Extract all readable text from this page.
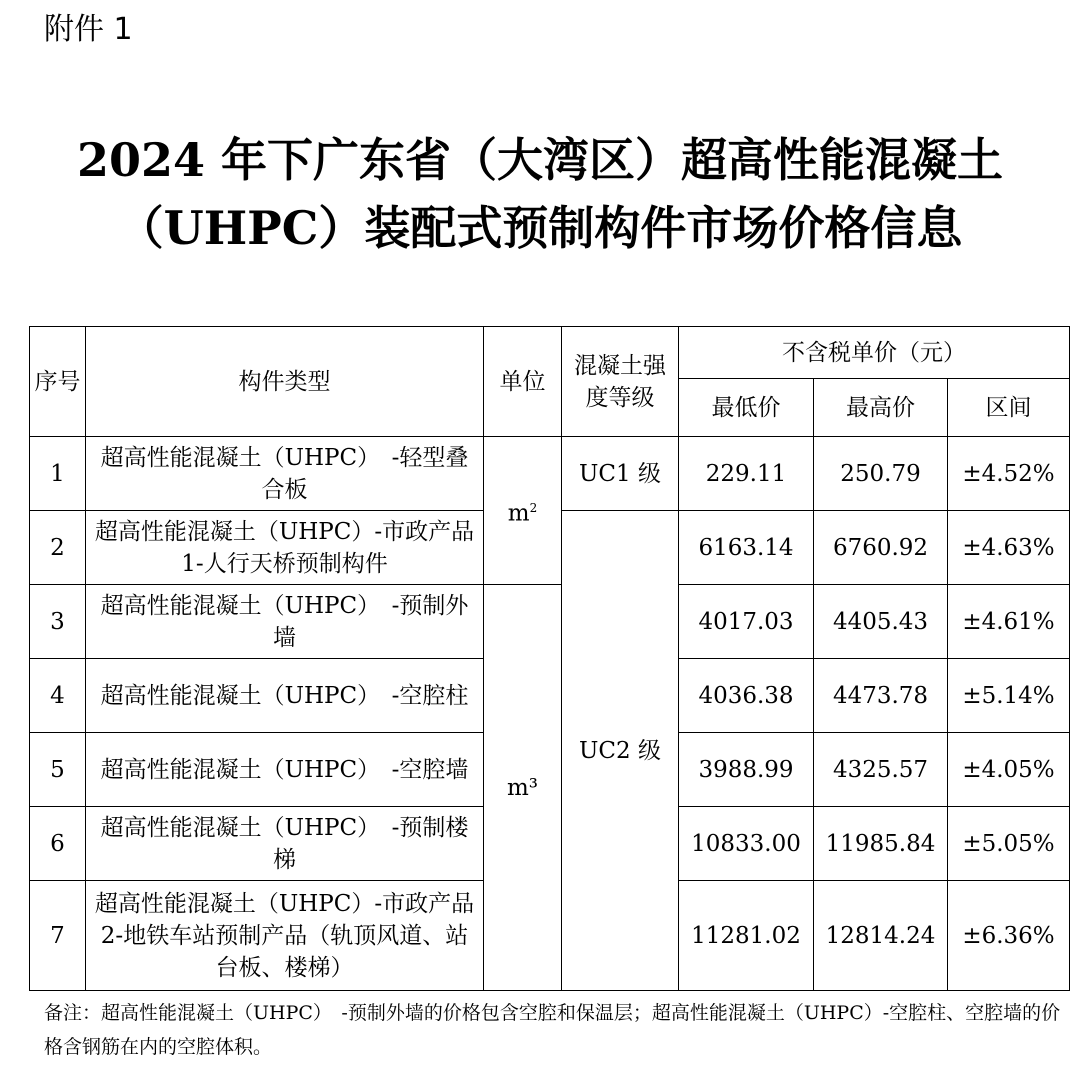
附件 1
2024 年下广东省（大湾区）超高性能混凝土
（UHPC）装配式预制构件市场价格信息
序号	构件类型	单位	混凝土强度等级	不含税单价（元）		
				最低价	最高价	区间
1	超高性能混凝土（UHPC）　-轻型叠合板	$m^2$	UC1 级	229.11	250.79	±4.52%
2	超高性能混凝土（UHPC）-市政产品 1-人行天桥预制构件		UC2 级	6163.14	6760.92	±4.63%
3	超高性能混凝土（UHPC）　-预制外墙	m³		4017.03	4405.43	±4.61%
4	超高性能混凝土（UHPC）　-空腔柱			4036.38	4473.78	±5.14%
5	超高性能混凝土（UHPC）　-空腔墙			3988.99	4325.57	±4.05%
6	超高性能混凝土（UHPC）　-预制楼梯			10833.00	11985.84	±5.05%
7	超高性能混凝土（UHPC）-市政产品 2-地铁车站预制产品（轨顶风道、站台板、楼梯）			11281.02	12814.24	±6.36%
备注：超高性能混凝土（UHPC）　-预制外墙的价格包含空腔和保温层；超高性能混凝土（UHPC）-空腔柱、空腔墙的价格含钢筋在内的空腔体积。
